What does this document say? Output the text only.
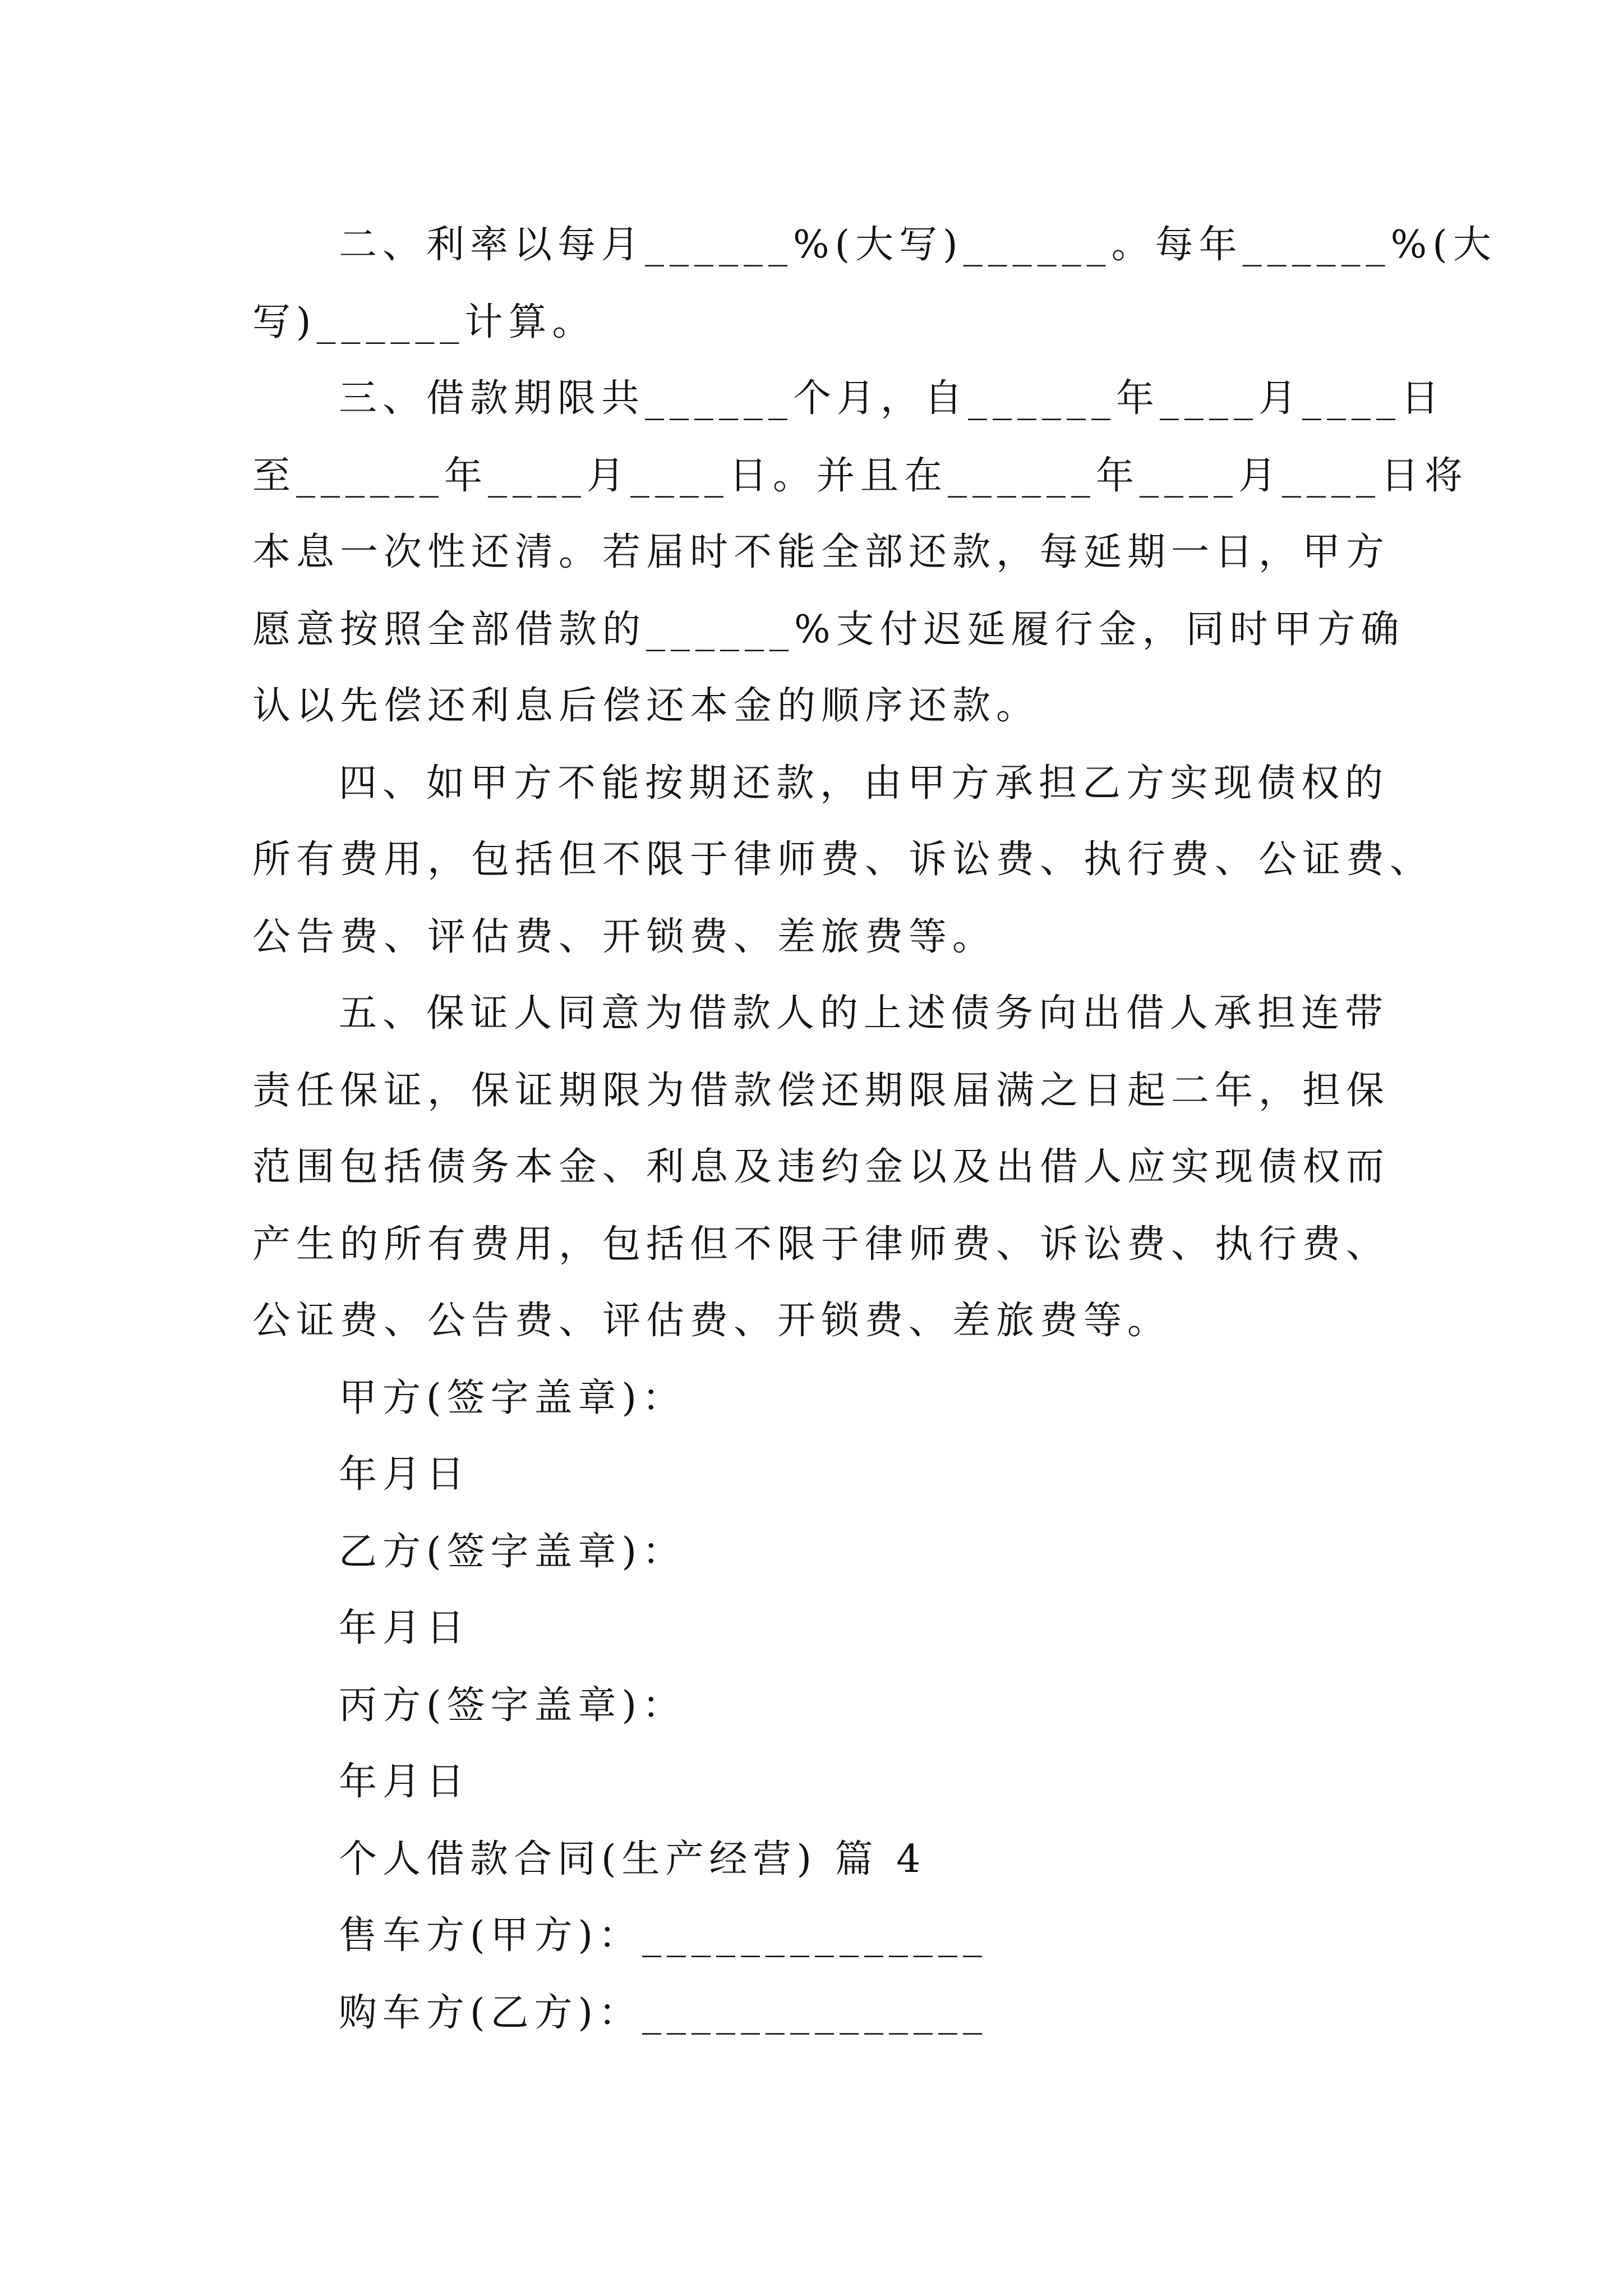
二、利率以每月______%(大写)______。每年______%(大
写)______计算。
三、借款期限共______个月，自______年____月____日
至______年____月____日。并且在______年____月____日将
本息一次性还清。若届时不能全部还款，每延期一日，甲方
愿意按照全部借款的______%支付迟延履行金，同时甲方确
认以先偿还利息后偿还本金的顺序还款。
四、如甲方不能按期还款，由甲方承担乙方实现债权的
所有费用，包括但不限于律师费、诉讼费、执行费、公证费、
公告费、评估费、开锁费、差旅费等。
五、保证人同意为借款人的上述债务向出借人承担连带
责任保证，保证期限为借款偿还期限届满之日起二年，担保
范围包括债务本金、利息及违约金以及出借人应实现债权而
产生的所有费用，包括但不限于律师费、诉讼费、执行费、
公证费、公告费、评估费、开锁费、差旅费等。
甲方(签字盖章)：
年月日
乙方(签字盖章)：
年月日
丙方(签字盖章)：
年月日
个人借款合同(生产经营) 篇 4
售车方(甲方)：______________
购车方(乙方)：______________
